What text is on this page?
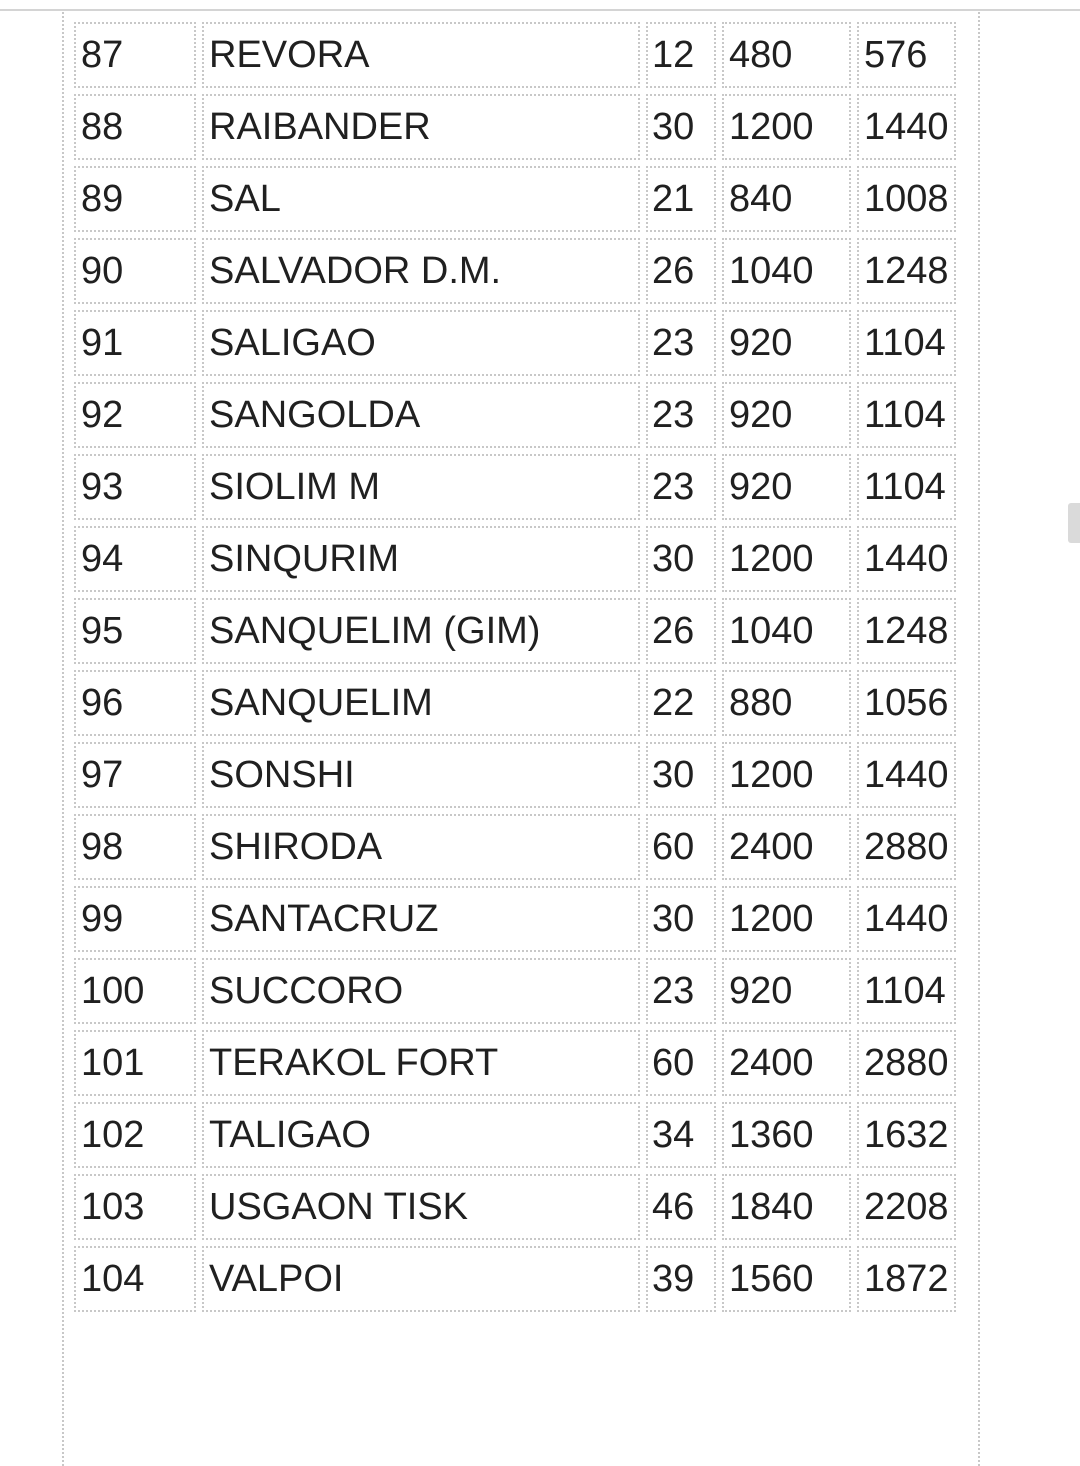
87	REVORA	12	480	576
88	RAIBANDER	30	1200	1440
89	SAL	21	840	1008
90	SALVADOR D.M.	26	1040	1248
91	SALIGAO	23	920	1104
92	SANGOLDA	23	920	1104
93	SIOLIM M	23	920	1104
94	SINQURIM	30	1200	1440
95	SANQUELIM (GIM)	26	1040	1248
96	SANQUELIM	22	880	1056
97	SONSHI	30	1200	1440
98	SHIRODA	60	2400	2880
99	SANTACRUZ	30	1200	1440
100	SUCCORO	23	920	1104
101	TERAKOL FORT	60	2400	2880
102	TALIGAO	34	1360	1632
103	USGAON TISK	46	1840	2208
104	VALPOI	39	1560	1872
